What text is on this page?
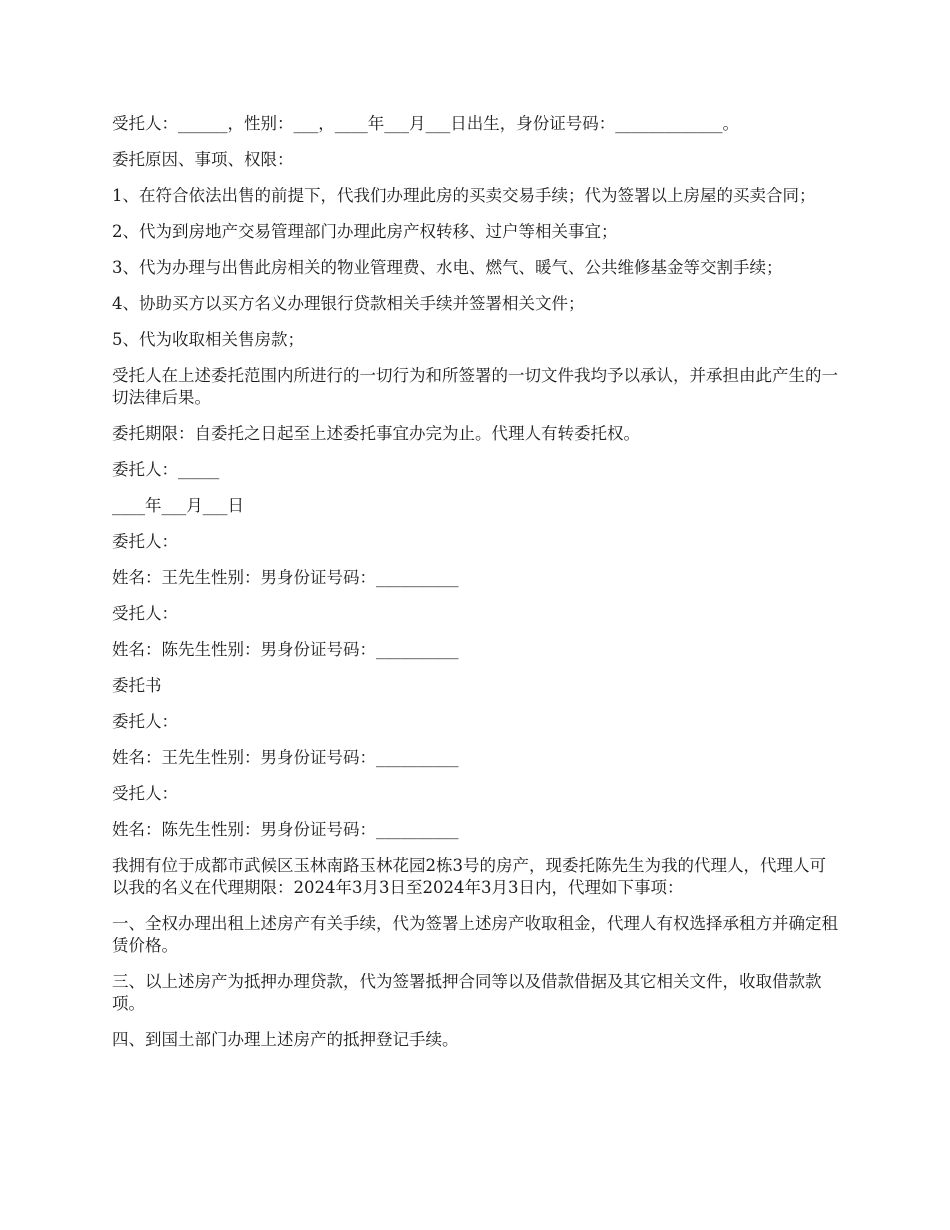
受托人：______，性别：___，____年___月___日出生，身份证号码：_____________。

委托原因、事项、权限：

1、在符合依法出售的前提下，代我们办理此房的买卖交易手续；代为签署以上房屋的买卖合同；

2、代为到房地产交易管理部门办理此房产权转移、过户等相关事宜；

3、代为办理与出售此房相关的物业管理费、水电、燃气、暖气、公共维修基金等交割手续；

4、协助买方以买方名义办理银行贷款相关手续并签署相关文件；

5、代为收取相关售房款；

受托人在上述委托范围内所进行的一切行为和所签署的一切文件我均予以承认，并承担由此产生的一切法律后果。

委托期限：自委托之日起至上述委托事宜办完为止。代理人有转委托权。

委托人：_____

____年___月___日

委托人：

姓名：王先生性别：男身份证号码：__________

受托人：

姓名：陈先生性别：男身份证号码：__________

委托书

委托人：

姓名：王先生性别：男身份证号码：__________

受托人：

姓名：陈先生性别：男身份证号码：__________

我拥有位于成都市武候区玉林南路玉林花园2栋3号的房产，现委托陈先生为我的代理人，代理人可以我的名义在代理期限：2024年3月3日至2024年3月3日内，代理如下事项：

一、全权办理出租上述房产有关手续，代为签署上述房产收取租金，代理人有权选择承租方并确定租赁价格。

三、以上述房产为抵押办理贷款，代为签署抵押合同等以及借款借据及其它相关文件，收取借款款项。

四、到国土部门办理上述房产的抵押登记手续。
